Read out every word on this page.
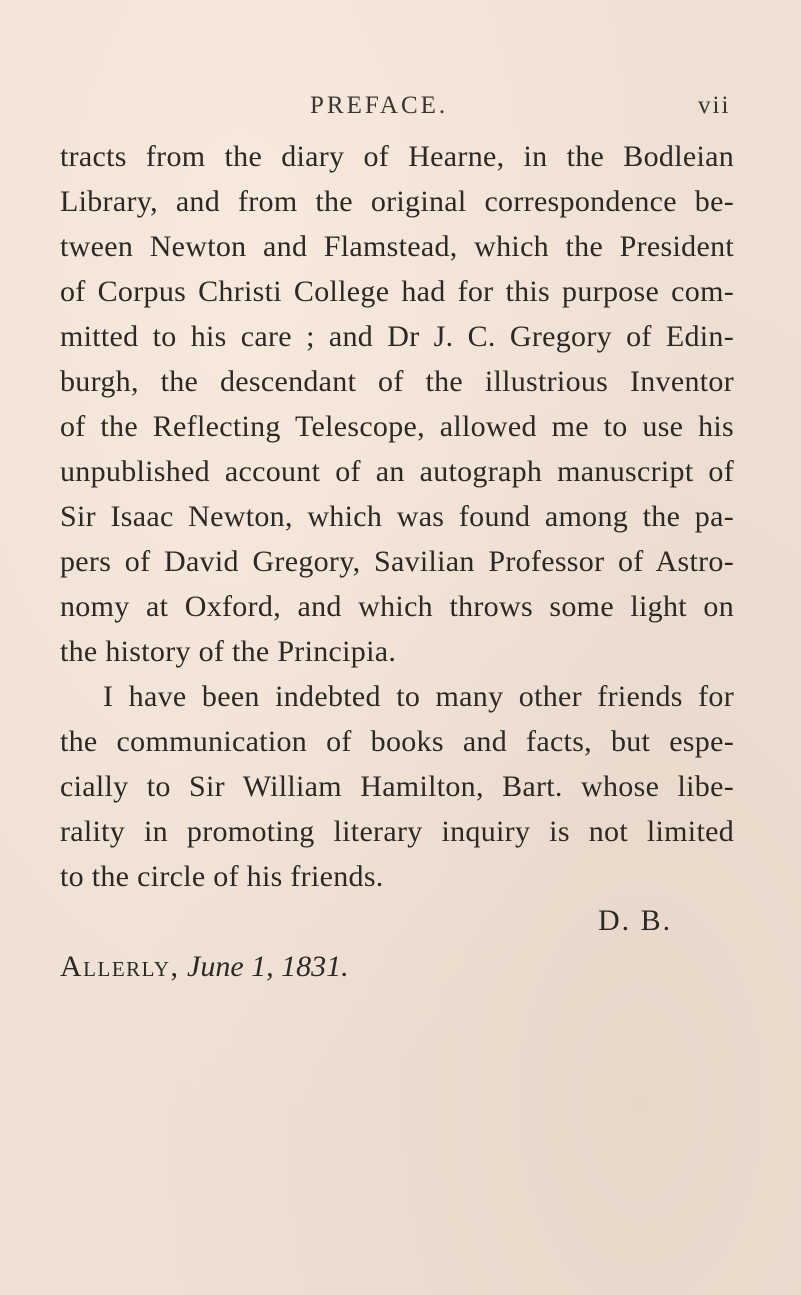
PREFACE.	vii
tracts from the diary of Hearne, in the Bodleian
Library, and from the original correspondence be-
tween Newton and Flamstead, which the President
of Corpus Christi College had for this purpose com-
mitted to his care ; and Dr J. C. Gregory of Edin-
burgh, the descendant of the illustrious Inventor
of the Reflecting Telescope, allowed me to use his
unpublished account of an autograph manuscript of
Sir Isaac Newton, which was found among the pa-
pers of David Gregory, Savilian Professor of Astro-
nomy at Oxford, and which throws some light on
the history of the Principia.
I have been indebted to many other friends for
the communication of books and facts, but espe-
cially to Sir William Hamilton, Bart. whose libe-
rality in promoting literary inquiry is not limited
to the circle of his friends.
D. B.
Allerly, June 1, 1831.
